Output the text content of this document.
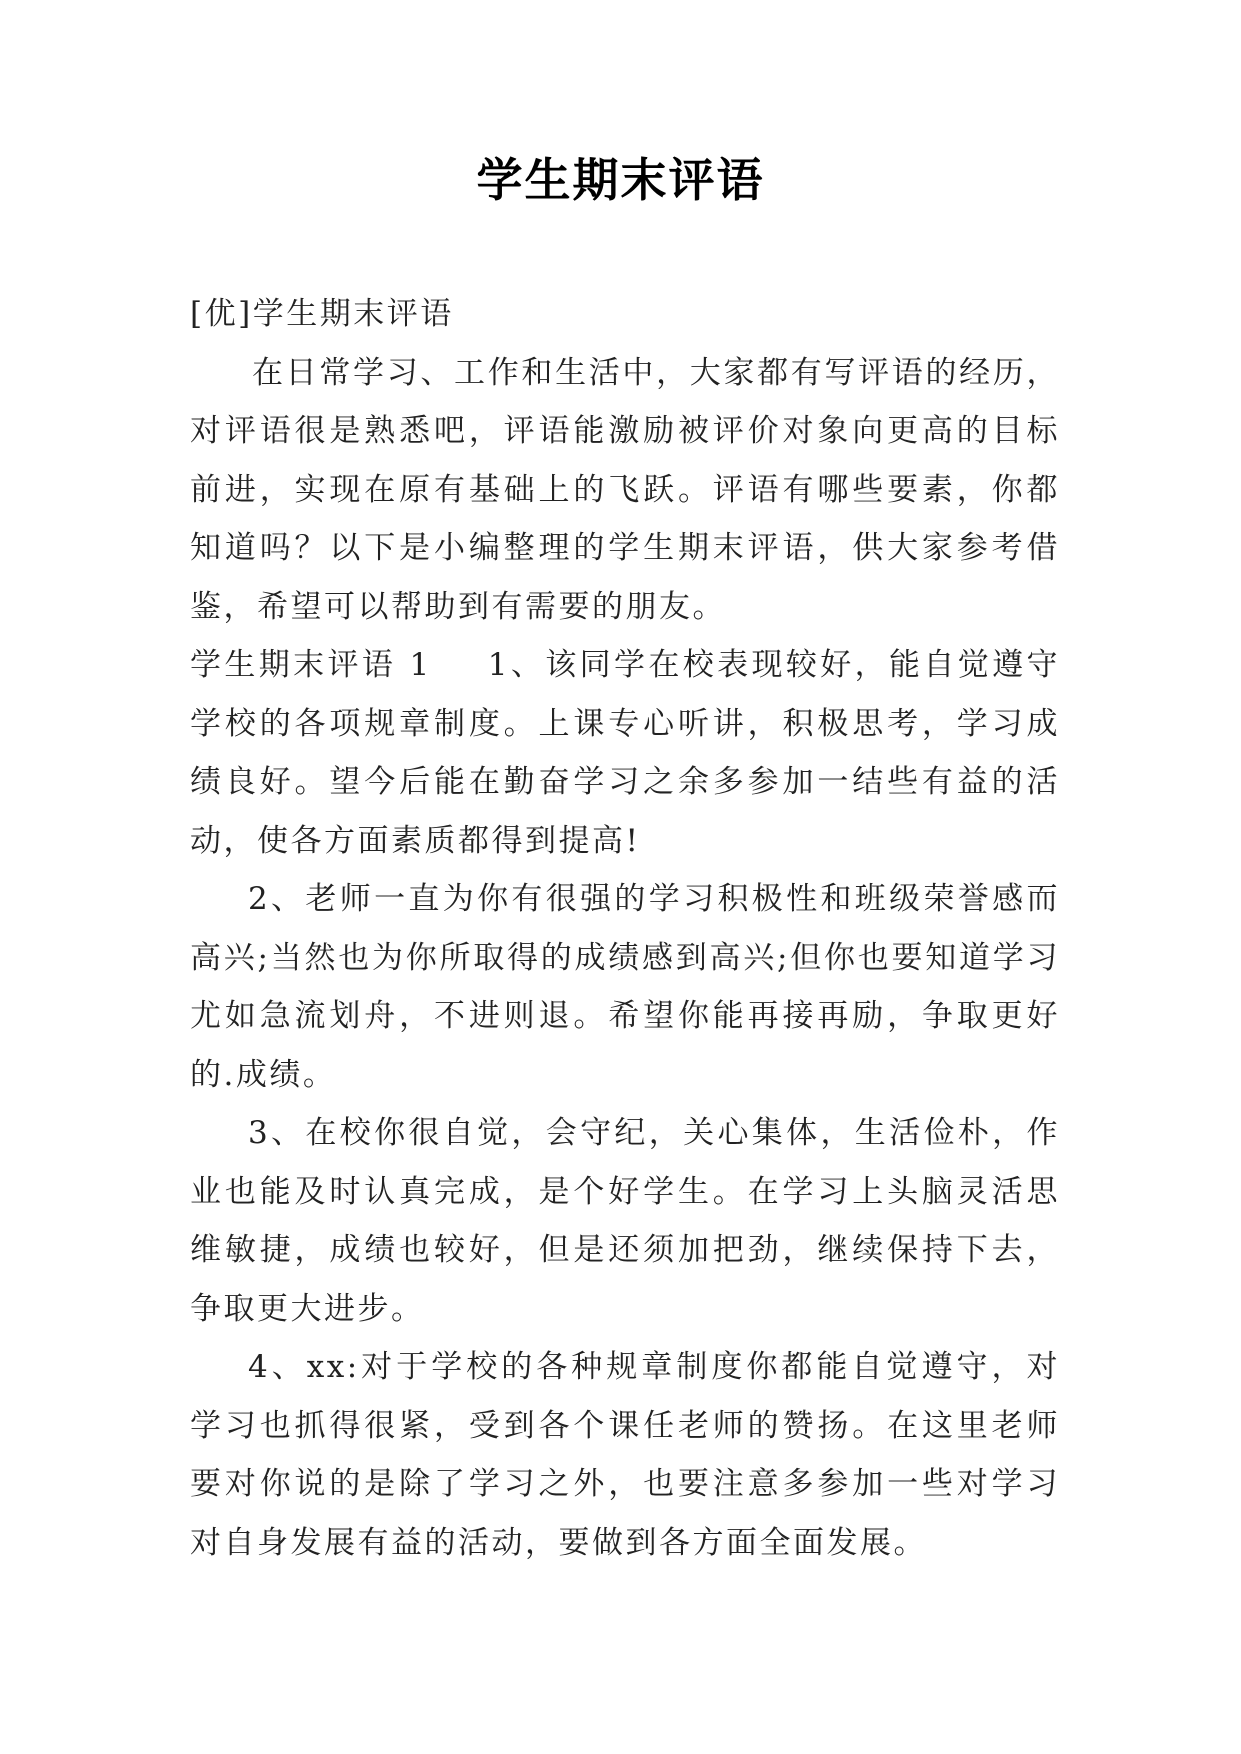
学生期末评语

[优]学生期末评语

在日常学习、工作和生活中，大家都有写评语的经历，对评语很是熟悉吧，评语能激励被评价对象向更高的目标前进，实现在原有基础上的飞跃。评语有哪些要素，你都知道吗？以下是小编整理的学生期末评语，供大家参考借鉴，希望可以帮助到有需要的朋友。

学生期末评语 1 1、该同学在校表现较好，能自觉遵守学校的各项规章制度。上课专心听讲，积极思考，学习成绩良好。望今后能在勤奋学习之余多参加一结些有益的活动，使各方面素质都得到提高!

2、老师一直为你有很强的学习积极性和班级荣誉感而高兴;当然也为你所取得的成绩感到高兴;但你也要知道学习尤如急流划舟，不进则退。希望你能再接再励，争取更好的.成绩。

3、在校你很自觉，会守纪，关心集体，生活俭朴，作业也能及时认真完成，是个好学生。在学习上头脑灵活思维敏捷，成绩也较好，但是还须加把劲，继续保持下去，争取更大进步。

4、xx:对于学校的各种规章制度你都能自觉遵守，对学习也抓得很紧，受到各个课任老师的赞扬。在这里老师要对你说的是除了学习之外，也要注意多参加一些对学习对自身发展有益的活动，要做到各方面全面发展。
